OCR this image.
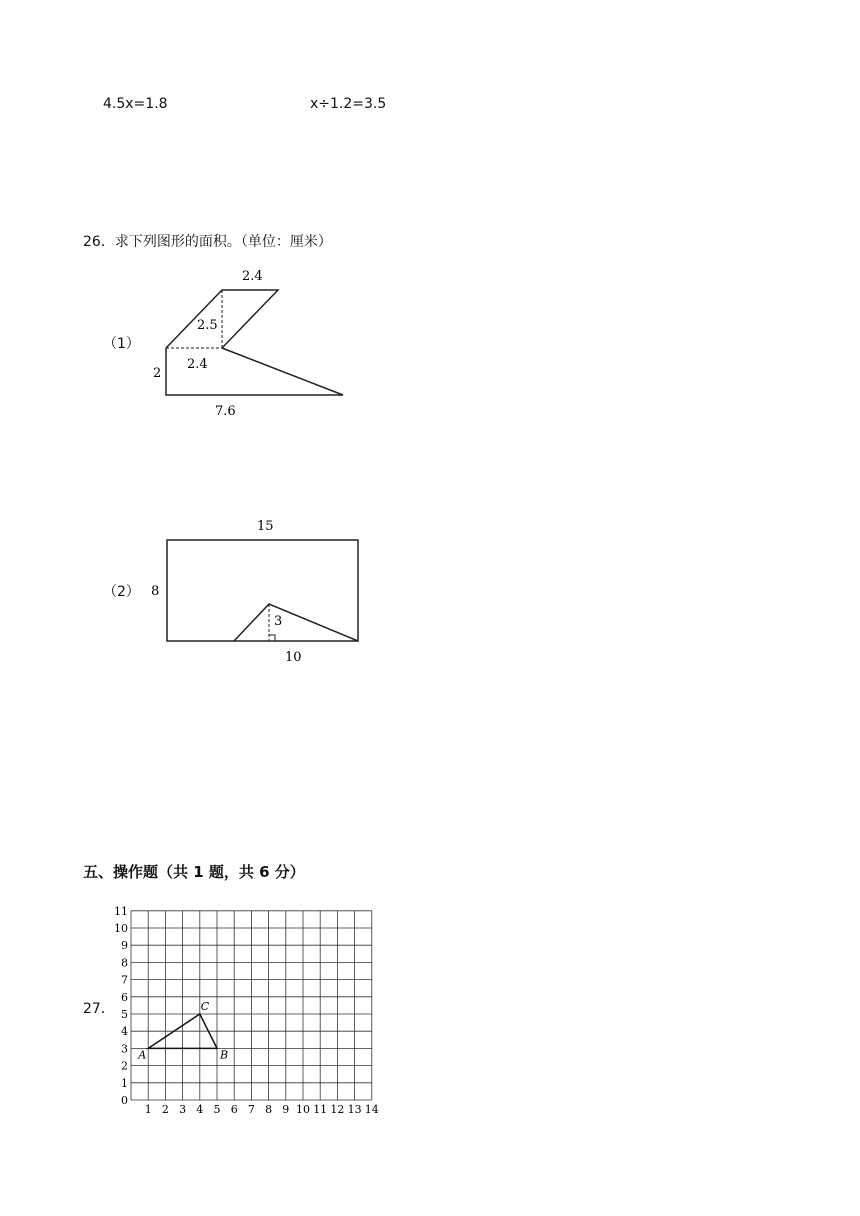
4.5x=1.8	x÷1.2=3.5
26．求下列图形的面积。（单位：厘米）
（1）
2.4
2.5
2.4
2
7.6
（2）
15
8
3
10
五、操作题（共 1 题，共 6 分）
27．
1 2 3 4 5 6 7 8 9 10 11 12 13 14
0
1
2
3
4
5
6
7
8
9
10
11
A	B
C
